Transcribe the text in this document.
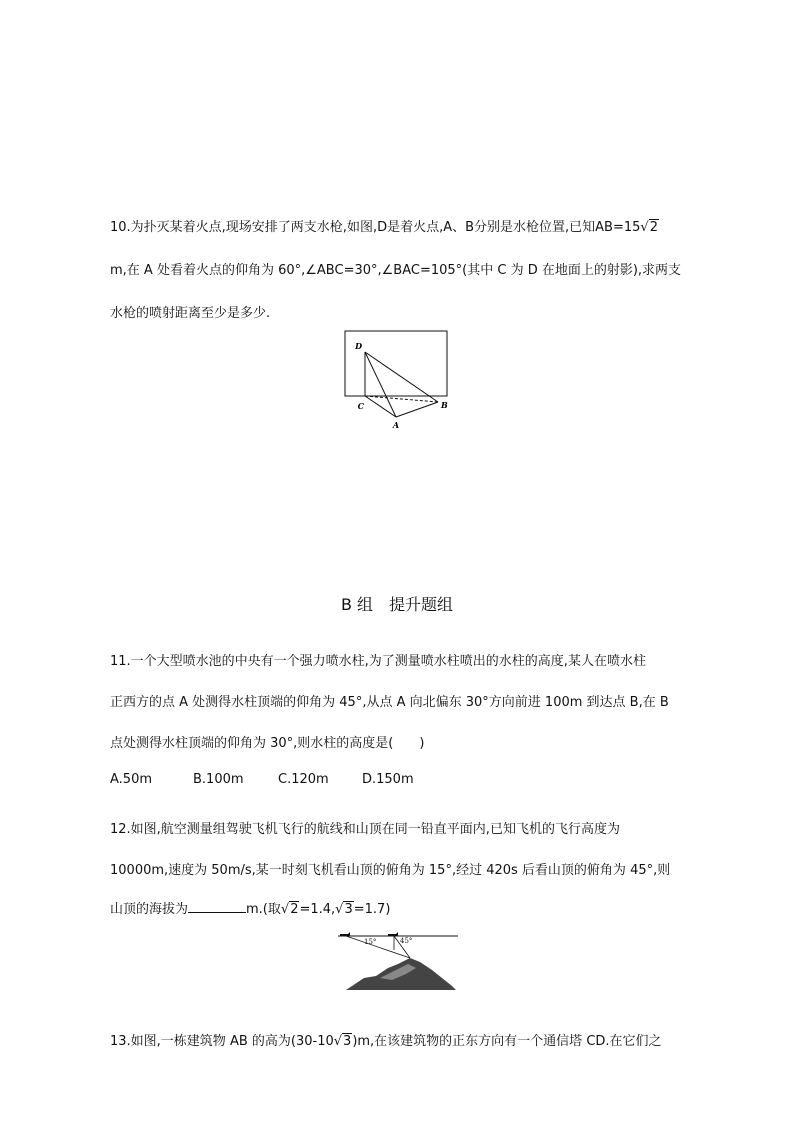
10.为扑灭某着火点,现场安排了两支水枪,如图,D是着火点,A、B分别是水枪位置,已知AB=15√2
m,在 A 处看着火点的仰角为 60°,∠ABC=30°,∠BAC=105°(其中 C 为 D 在地面上的射影),求两支
水枪的喷射距离至少是多少.
D
C
A
B
B 组　提升题组
11.一个大型喷水池的中央有一个强力喷水柱,为了测量喷水柱喷出的水柱的高度,某人在喷水柱
正西方的点 A 处测得水柱顶端的仰角为 45°,从点 A 向北偏东 30°方向前进 100m 到达点 B,在 B
点处测得水柱顶端的仰角为 30°,则水柱的高度是(　　)
A.50m	B.100m	C.120m	D.150m
12.如图,航空测量组驾驶飞机飞行的航线和山顶在同一铅直平面内,已知飞机的飞行高度为
10000m,速度为 50m/s,某一时刻飞机看山顶的俯角为 15°,经过 420s 后看山顶的俯角为 45°,则
山顶的海拔为	m.(取√2=1.4,√3=1.7)
15°	45°
13.如图,一栋建筑物 AB 的高为(30-10√3)m,在该建筑物的正东方向有一个通信塔 CD.在它们之
